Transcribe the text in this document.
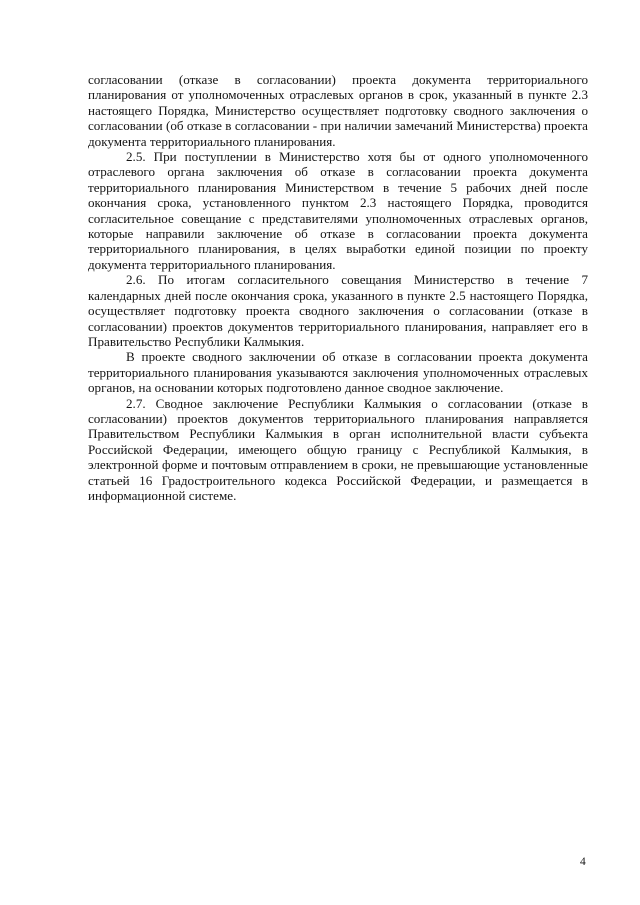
согласовании (отказе в согласовании) проекта документа территориального планирования от уполномоченных отраслевых органов в срок, указанный в пункте 2.3 настоящего Порядка, Министерство осуществляет подготовку сводного заключения о согласовании (об отказе в согласовании - при наличии замечаний Министерства) проекта документа территориального планирования.

2.5. При поступлении в Министерство хотя бы от одного уполномоченного отраслевого органа заключения об отказе в согласовании проекта документа территориального планирования Министерством в течение 5 рабочих дней после окончания срока, установленного пунктом 2.3 настоящего Порядка, проводится согласительное совещание с представителями уполномоченных отраслевых органов, которые направили заключение об отказе в согласовании проекта документа территориального планирования, в целях выработки единой позиции по проекту документа территориального планирования.

2.6. По итогам согласительного совещания Министерство в течение 7 календарных дней после окончания срока, указанного в пункте 2.5 настоящего Порядка, осуществляет подготовку проекта сводного заключения о согласовании (отказе в согласовании) проектов документов территориального планирования, направляет его в Правительство Республики Калмыкия.

В проекте сводного заключении об отказе в согласовании проекта документа территориального планирования указываются заключения уполномоченных отраслевых органов, на основании которых подготовлено данное сводное заключение.

2.7. Сводное заключение Республики Калмыкия о согласовании (отказе в согласовании) проектов документов территориального планирования направляется Правительством Республики Калмыкия в орган исполнительной власти субъекта Российской Федерации, имеющего общую границу с Республикой Калмыкия, в электронной форме и почтовым отправлением в сроки, не превышающие установленные статьей 16 Градостроительного кодекса Российской Федерации, и размещается в информационной системе.

4
